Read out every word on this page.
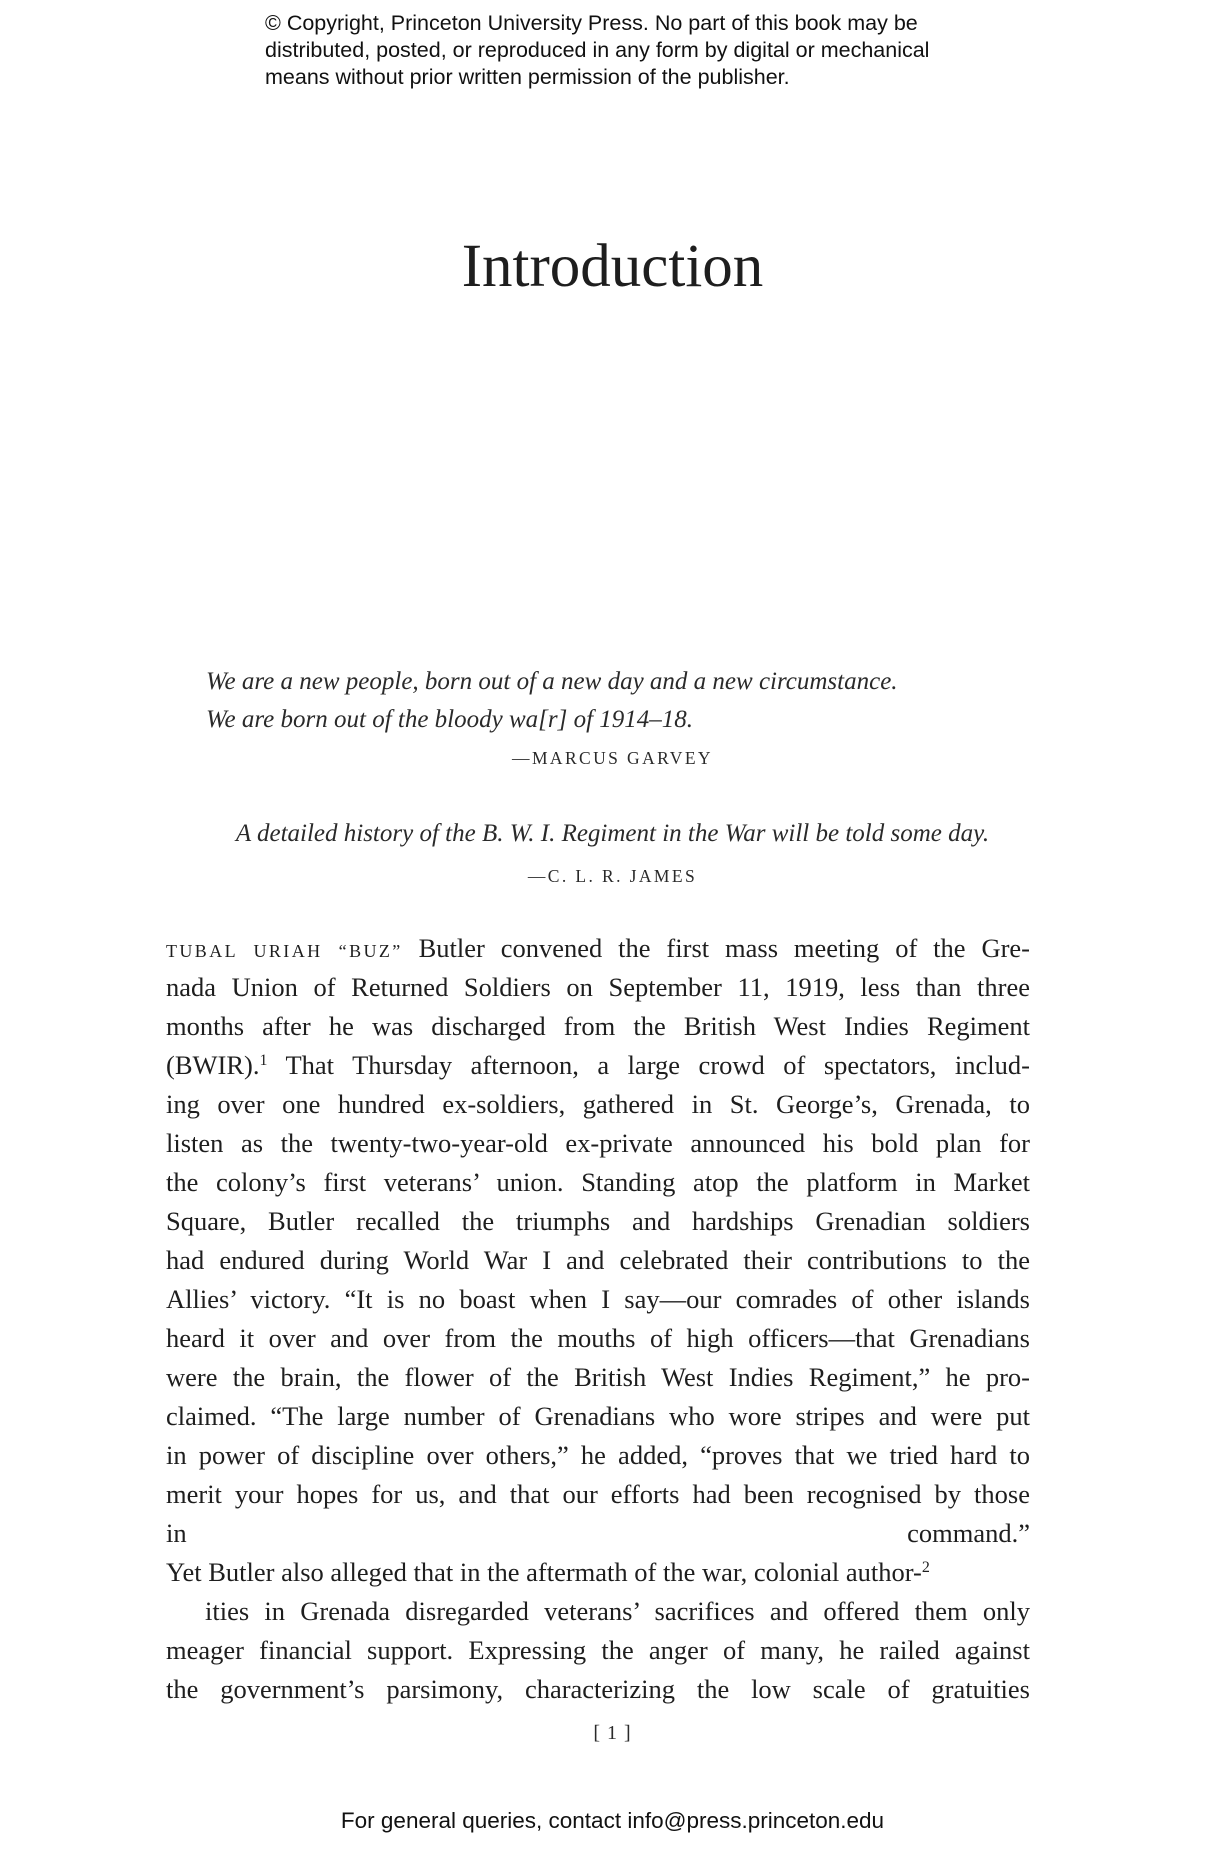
© Copyright, Princeton University Press. No part of this book may be
distributed, posted, or reproduced in any form by digital or mechanical
means without prior written permission of the publisher.
Introduction
We are a new people, born out of a new day and a new circumstance.
We are born out of the bloody wa[r] of 1914–18.
—MARCUS GARVEY
A detailed history of the B. W. I. Regiment in the War will be told some day.
—C. L. R. JAMES
TUBAL URIAH “BUZ” Butler convened the first mass meeting of the Gre-
nada Union of Returned Soldiers on September 11, 1919, less than three
months after he was discharged from the British West Indies Regiment
(BWIR).$^1$ That Thursday afternoon, a large crowd of spectators, includ-
ing over one hundred ex-soldiers, gathered in St. George’s, Grenada, to
listen as the twenty-two-year-old ex-private announced his bold plan for
the colony’s first veterans’ union. Standing atop the platform in Market
Square, Butler recalled the triumphs and hardships Grenadian soldiers
had endured during World War I and celebrated their contributions to the
Allies’ victory. “It is no boast when I say—our comrades of other islands
heard it over and over from the mouths of high officers—that Grenadians
were the brain, the flower of the British West Indies Regiment,” he pro-
claimed. “The large number of Grenadians who wore stripes and were put
in power of discipline over others,” he added, “proves that we tried hard to
merit your hopes for us, and that our efforts had been recognised by those
in command.”
Yet Butler also alleged that in the aftermath of the war, colonial author-$^2$
ities in Grenada disregarded veterans’ sacrifices and offered them only
meager financial support. Expressing the anger of many, he railed against
the government’s parsimony, characterizing the low scale of gratuities
[ 1 ]
For general queries, contact info@press.princeton.edu
